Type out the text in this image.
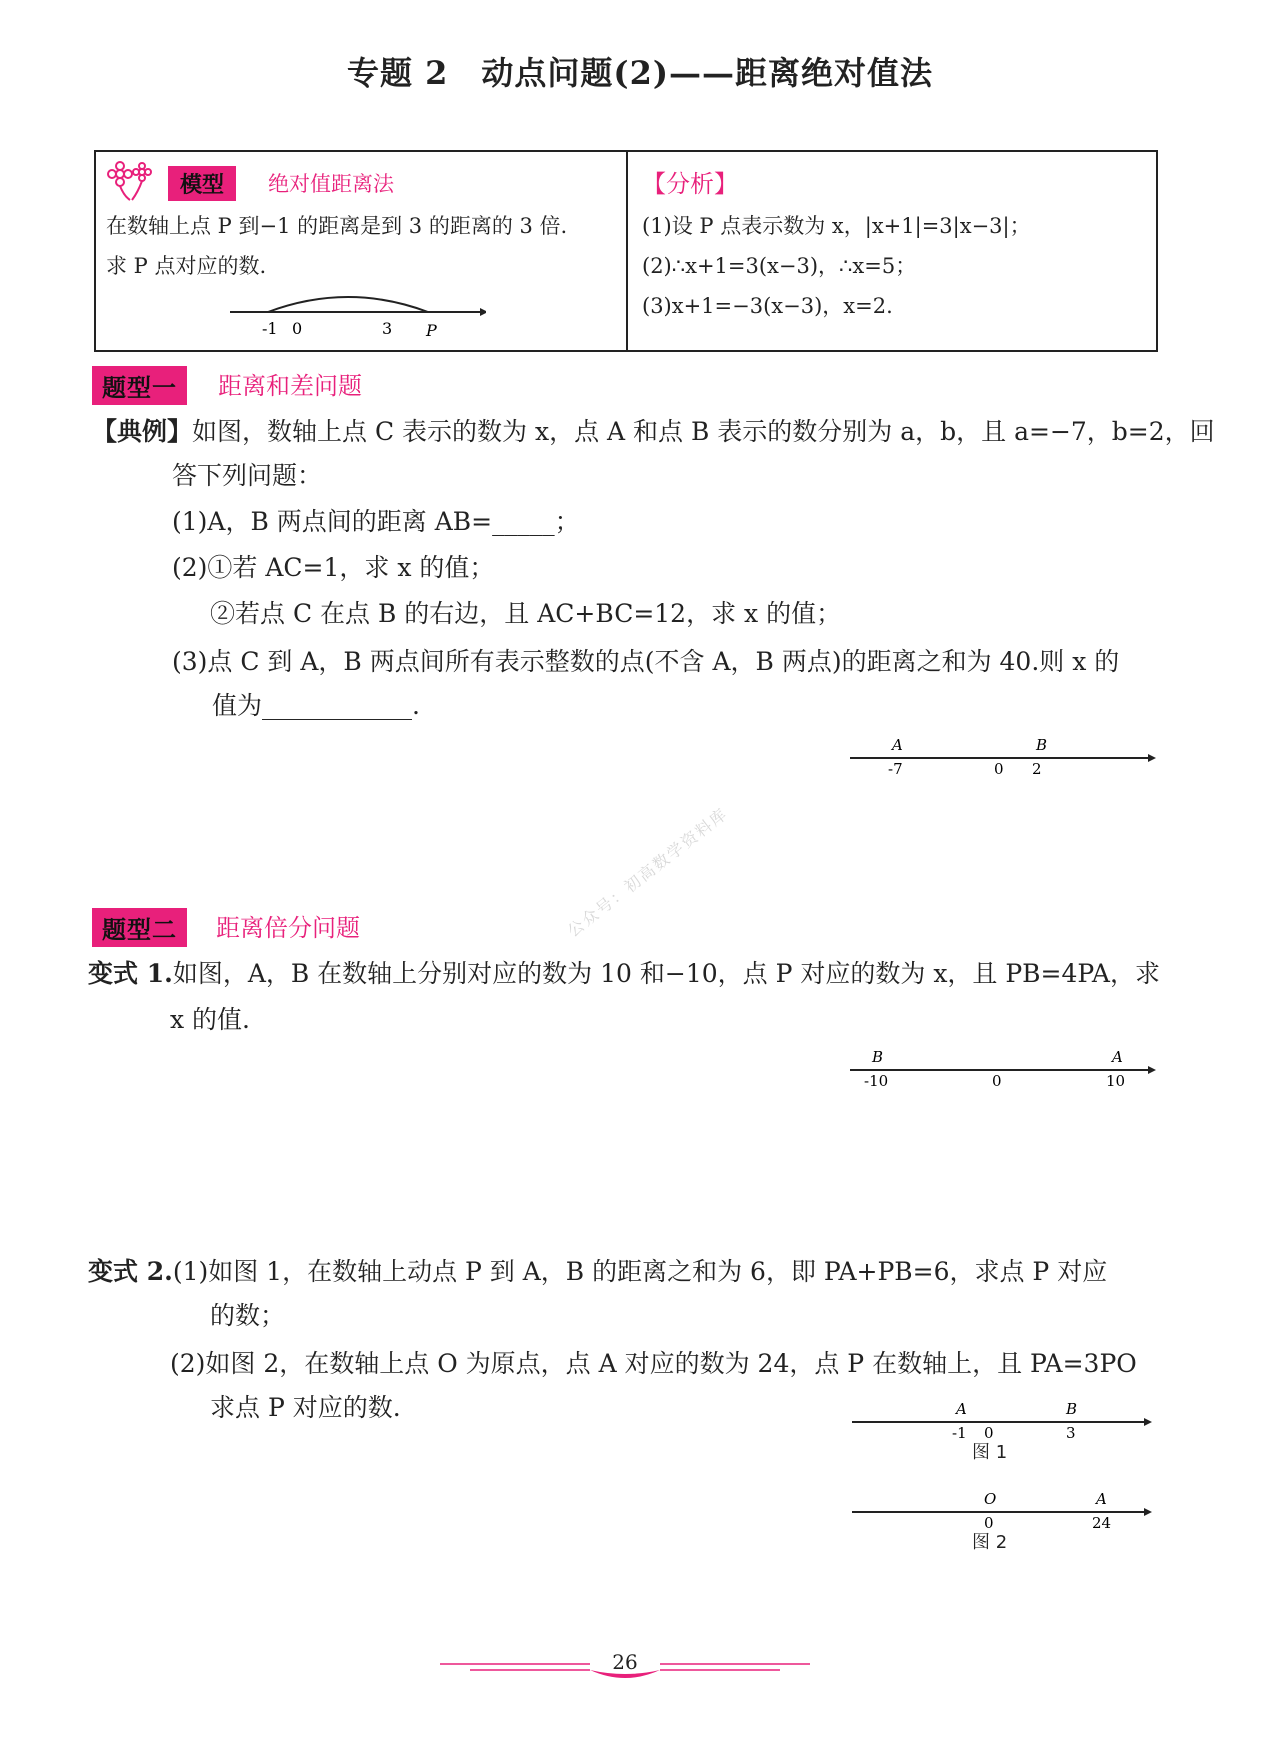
专题 2　动点问题(2)——距离绝对值法
模型	绝对值距离法
在数轴上点 P 到−1 的距离是到 3 的距离的 3 倍.
求 P 点对应的数.
-1 0	3 P
【分析】
(1)设 P 点表示数为 x，|x+1|=3|x−3|；
(2)∴x+1=3(x−3)，∴x=5；
(3)x+1=−3(x−3)，x=2.
题型一	距离和差问题
【典例】如图，数轴上点 C 表示的数为 x，点 A 和点 B 表示的数分别为 a，b，且 a=−7，b=2，回
答下列问题：
(1)A，B 两点间的距离 AB=_____；
(2)①若 AC=1，求 x 的值；
②若点 C 在点 B 的右边，且 AC+BC=12，求 x 的值；
(3)点 C 到 A，B 两点间所有表示整数的点(不含 A，B 两点)的距离之和为 40.则 x 的
值为____________.
A	B
-7	0 2
公众号：初高数学资料库
题型二	距离倍分问题
变式 1.如图，A，B 在数轴上分别对应的数为 10 和−10，点 P 对应的数为 x，且 PB=4PA，求
x 的值.
B	A
-10	0	10
变式 2.(1)如图 1，在数轴上动点 P 到 A，B 的距离之和为 6，即 PA+PB=6，求点 P 对应
的数；
(2)如图 2，在数轴上点 O 为原点，点 A 对应的数为 24，点 P 在数轴上，且 PA=3PO
求点 P 对应的数.	A	B
-1 0	3
图 1
O	A
0	24
图 2
26
